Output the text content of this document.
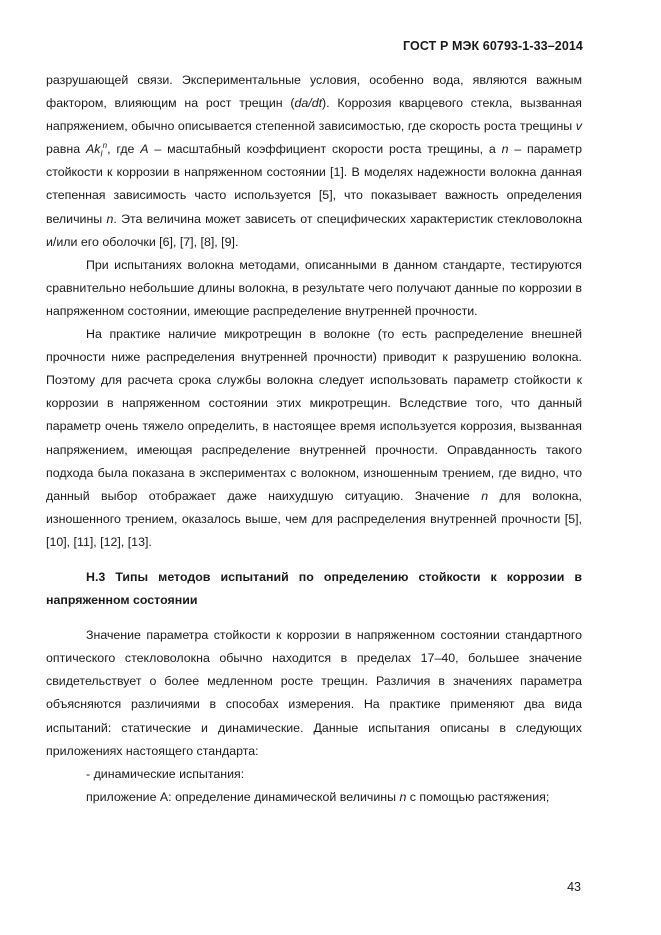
ГОСТ Р МЭК 60793-1-33–2014

разрушающей связи. Экспериментальные условия, особенно вода, являются важным фактором, влияющим на рост трещин (da/dt). Коррозия кварцевого стекла, вызванная напряжением, обычно описывается степенной зависимостью, где скорость роста трещины v равна $Ak_I^n$, где A – масштабный коэффициент скорости роста трещины, а n – параметр стойкости к коррозии в напряженном состоянии [1]. В моделях надежности волокна данная степенная зависимость часто используется [5], что показывает важность определения величины n. Эта величина может зависеть от специфических характеристик стекловолокна и/или его оболочки [6], [7], [8], [9].

При испытаниях волокна методами, описанными в данном стандарте, тестируются сравнительно небольшие длины волокна, в результате чего получают данные по коррозии в напряженном состоянии, имеющие распределение внутренней прочности.

На практике наличие микротрещин в волокне (то есть распределение внешней прочности ниже распределения внутренней прочности) приводит к разрушению волокна. Поэтому для расчета срока службы волокна следует использовать параметр стойкости к коррозии в напряженном состоянии этих микротрещин. Вследствие того, что данный параметр очень тяжело определить, в настоящее время используется коррозия, вызванная напряжением, имеющая распределение внутренней прочности. Оправданность такого подхода была показана в экспериментах с волокном, изношенным трением, где видно, что данный выбор отображает даже наихудшую ситуацию. Значение n для волокна, изношенного трением, оказалось выше, чем для распределения внутренней прочности [5], [10], [11], [12], [13].

Н.3 Типы методов испытаний по определению стойкости к коррозии в напряженном состоянии

Значение параметра стойкости к коррозии в напряженном состоянии стандартного оптического стекловолокна обычно находится в пределах 17–40, большее значение свидетельствует о более медленном росте трещин. Различия в значениях параметра объясняются различиями в способах измерения. На практике применяют два вида испытаний: статические и динамические. Данные испытания описаны в следующих приложениях настоящего стандарта:

- динамические испытания:

приложение А: определение динамической величины n с помощью растяжения;

43
